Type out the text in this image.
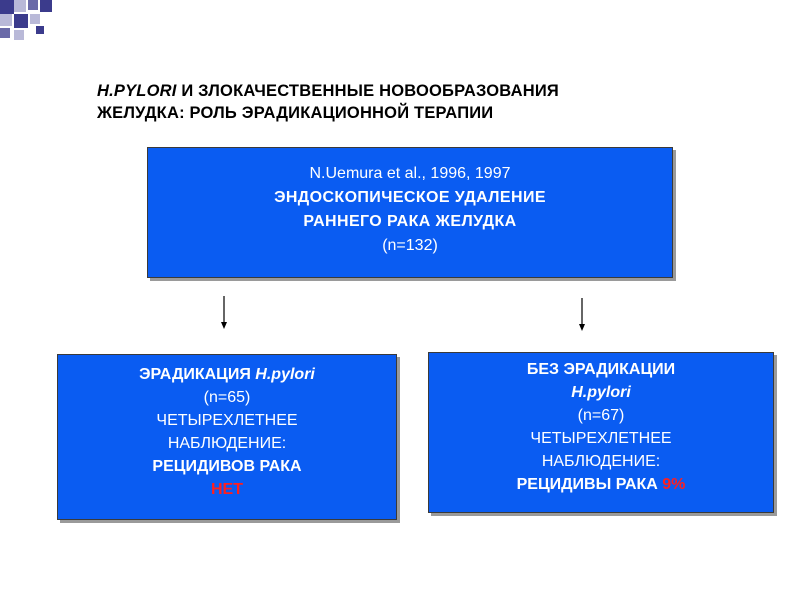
H.PYLORI И ЗЛОКАЧЕСТВЕННЫЕ НОВООБРАЗОВАНИЯ
ЖЕЛУДКА: РОЛЬ ЭРАДИКАЦИОННОЙ ТЕРАПИИ
N.Uemura et al., 1996, 1997
ЭНДОСКОПИЧЕСКОЕ УДАЛЕНИЕ
РАННЕГО РАКА ЖЕЛУДКА
(n=132)
ЭРАДИКАЦИЯ H.pylori
(n=65)
ЧЕТЫРЕХЛЕТНЕЕ
НАБЛЮДЕНИЕ:
РЕЦИДИВОВ РАКА
НЕТ
БЕЗ ЭРАДИКАЦИИ
H.pylori
(n=67)
ЧЕТЫРЕХЛЕТНЕЕ
НАБЛЮДЕНИЕ:
РЕЦИДИВЫ РАКА 9%
